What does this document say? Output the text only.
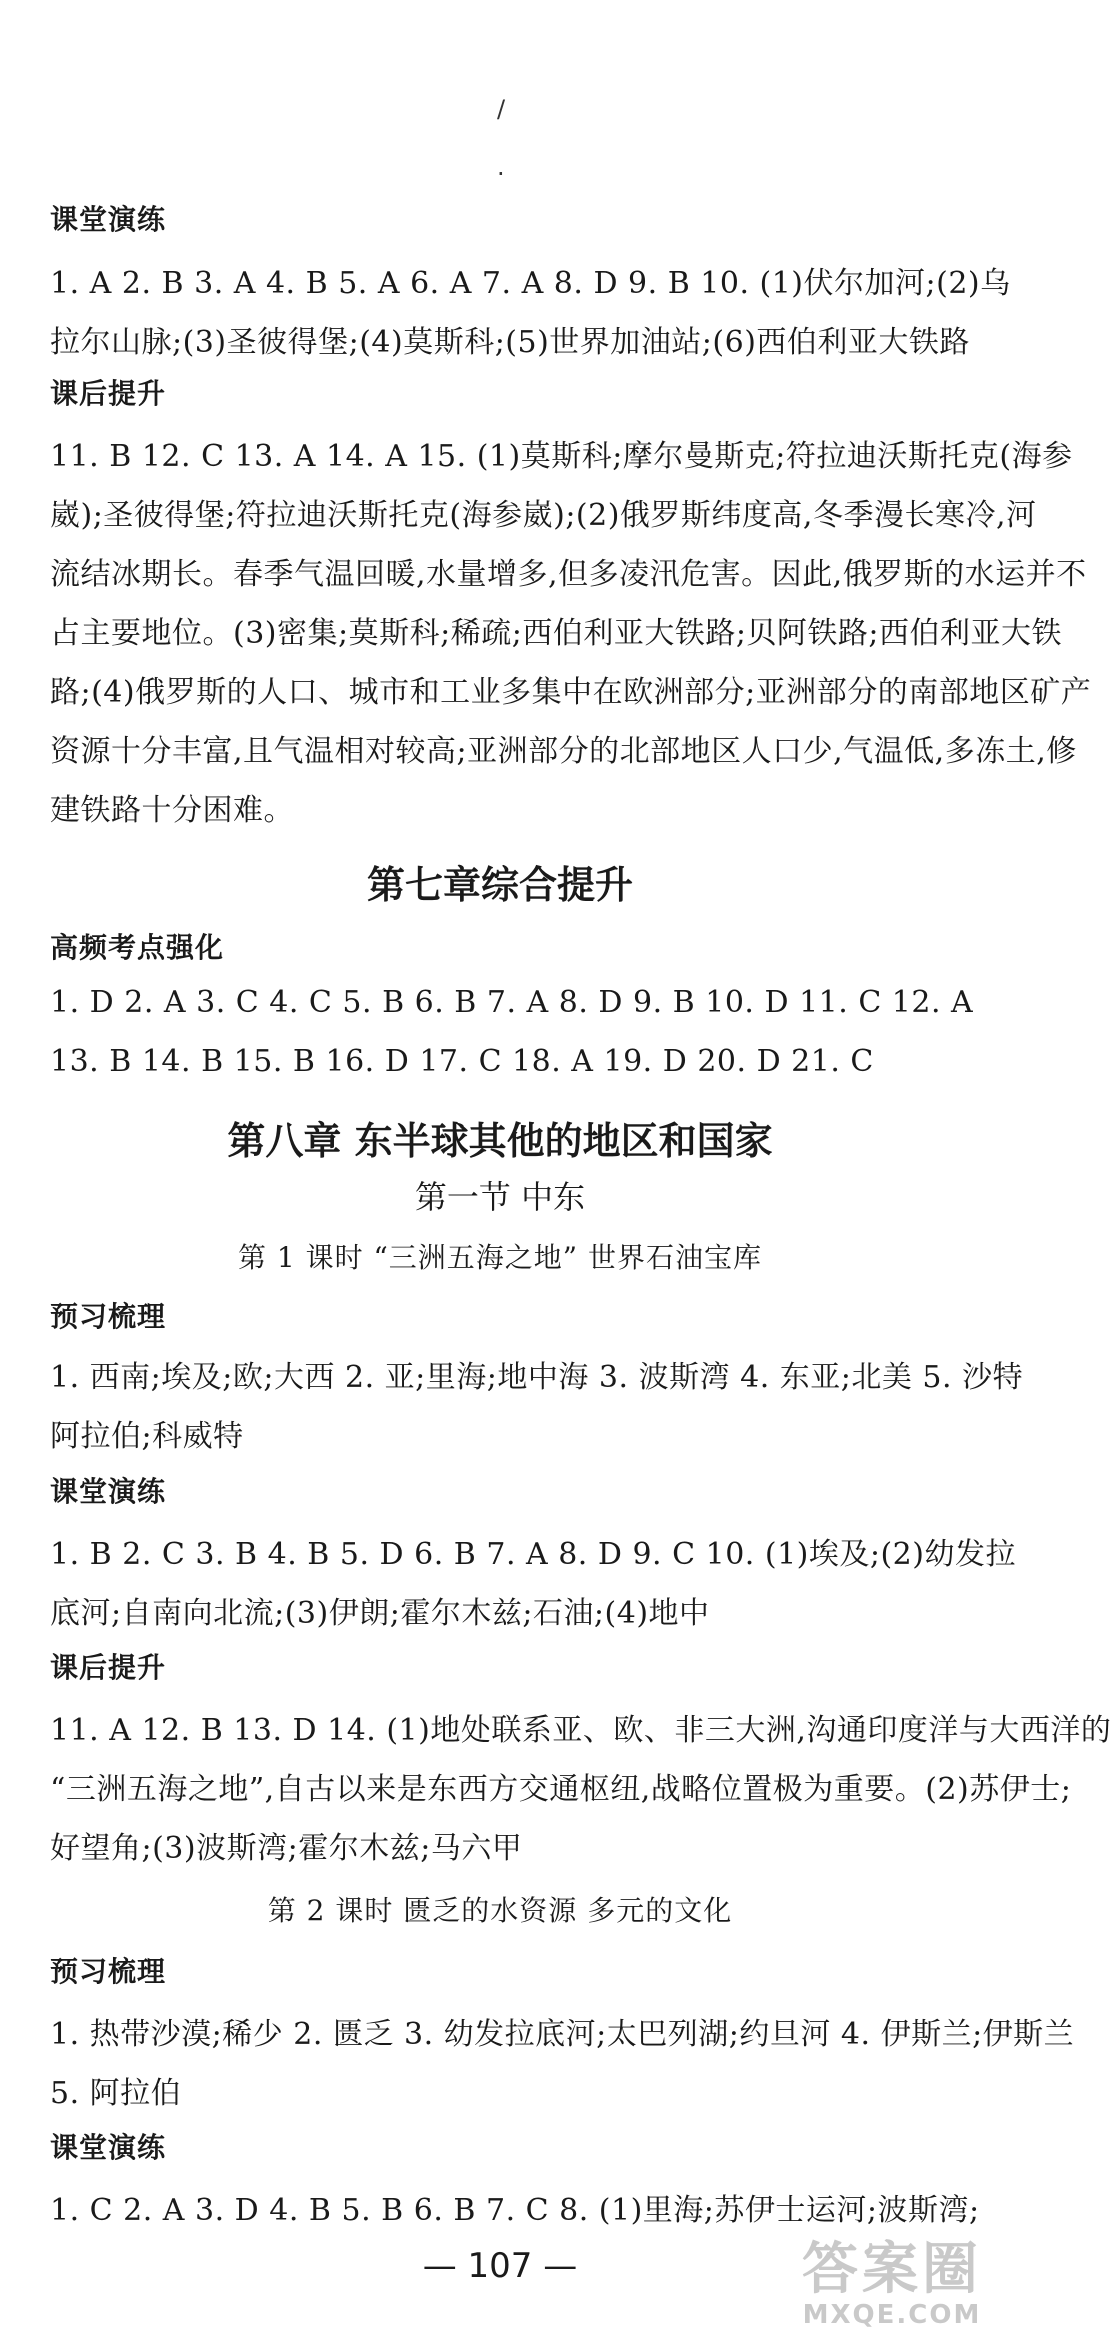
/
·
课堂演练
1. A 2. B 3. A 4. B 5. A 6. A 7. A 8. D 9. B 10. (1)伏尔加河;(2)乌
拉尔山脉;(3)圣彼得堡;(4)莫斯科;(5)世界加油站;(6)西伯利亚大铁路
课后提升
11. B 12. C 13. A 14. A 15. (1)莫斯科;摩尔曼斯克;符拉迪沃斯托克(海参
崴);圣彼得堡;符拉迪沃斯托克(海参崴);(2)俄罗斯纬度高,冬季漫长寒冷,河
流结冰期长。春季气温回暖,水量增多,但多凌汛危害。因此,俄罗斯的水运并不
占主要地位。(3)密集;莫斯科;稀疏;西伯利亚大铁路;贝阿铁路;西伯利亚大铁
路;(4)俄罗斯的人口、城市和工业多集中在欧洲部分;亚洲部分的南部地区矿产
资源十分丰富,且气温相对较高;亚洲部分的北部地区人口少,气温低,多冻土,修
建铁路十分困难。
第七章综合提升
高频考点强化
1. D 2. A 3. C 4. C 5. B 6. B 7. A 8. D 9. B 10. D 11. C 12. A
13. B 14. B 15. B 16. D 17. C 18. A 19. D 20. D 21. C
第八章 东半球其他的地区和国家
第一节 中东
第 1 课时 “三洲五海之地” 世界石油宝库
预习梳理
1. 西南;埃及;欧;大西 2. 亚;里海;地中海 3. 波斯湾 4. 东亚;北美 5. 沙特
阿拉伯;科威特
课堂演练
1. B 2. C 3. B 4. B 5. D 6. B 7. A 8. D 9. C 10. (1)埃及;(2)幼发拉
底河;自南向北流;(3)伊朗;霍尔木兹;石油;(4)地中
课后提升
11. A 12. B 13. D 14. (1)地处联系亚、欧、非三大洲,沟通印度洋与大西洋的
“三洲五海之地”,自古以来是东西方交通枢纽,战略位置极为重要。(2)苏伊士;
好望角;(3)波斯湾;霍尔木兹;马六甲
第 2 课时 匮乏的水资源 多元的文化
预习梳理
1. 热带沙漠;稀少 2. 匮乏 3. 幼发拉底河;太巴列湖;约旦河 4. 伊斯兰;伊斯兰
5. 阿拉伯
课堂演练
1. C 2. A 3. D 4. B 5. B 6. B 7. C 8. (1)里海;苏伊士运河;波斯湾;
— 107 —	答案圈
MXQE.COM
